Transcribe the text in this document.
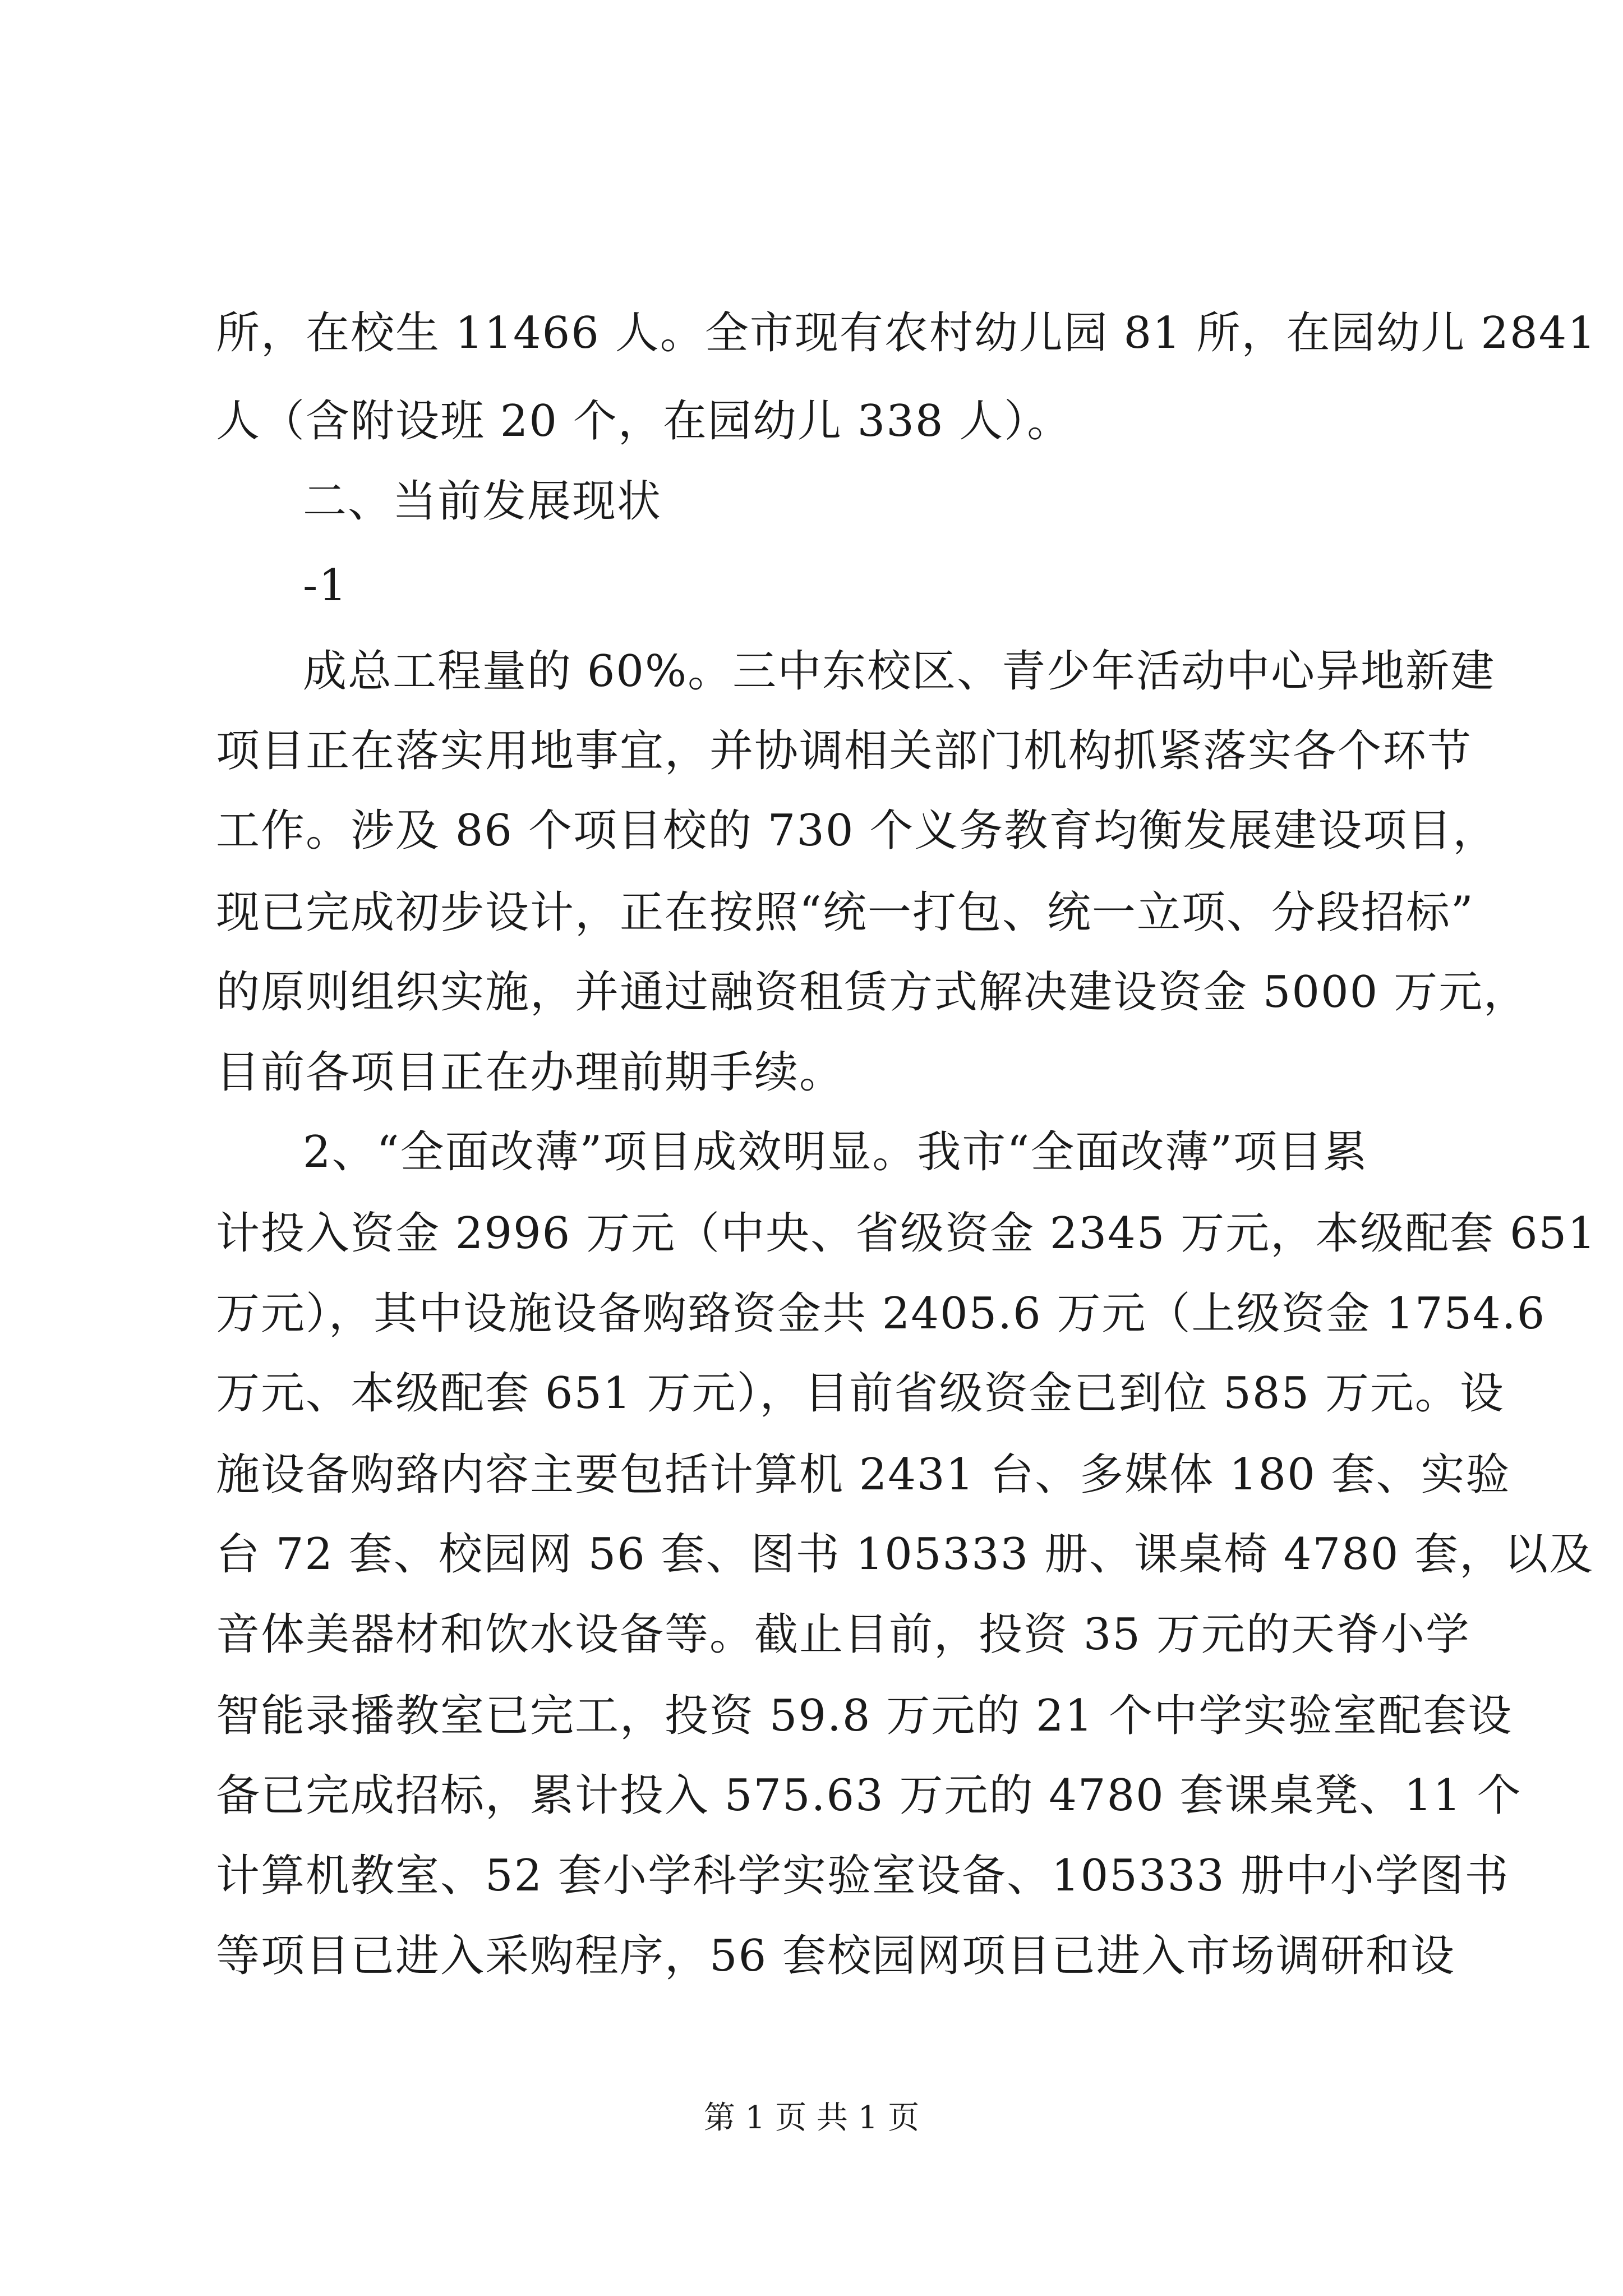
所，在校生 11466 人。全市现有农村幼儿园 81 所，在园幼儿 2841
人（含附设班 20 个，在园幼儿 338 人）。
二、当前发展现状
-1
成总工程量的 60%。三中东校区、青少年活动中心异地新建
项目正在落实用地事宜，并协调相关部门机构抓紧落实各个环节
工作。涉及 86 个项目校的 730 个义务教育均衡发展建设项目，
现已完成初步设计，正在按照“统一打包、统一立项、分段招标”
的原则组织实施，并通过融资租赁方式解决建设资金 5000 万元，
目前各项目正在办理前期手续。
2、“全面改薄”项目成效明显。我市“全面改薄”项目累
计投入资金 2996 万元（中央、省级资金 2345 万元，本级配套 651
万元），其中设施设备购臵资金共 2405.6 万元（上级资金 1754.6
万元、本级配套 651 万元），目前省级资金已到位 585 万元。设
施设备购臵内容主要包括计算机 2431 台、多媒体 180 套、实验
台 72 套、校园网 56 套、图书 105333 册、课桌椅 4780 套，以及
音体美器材和饮水设备等。截止目前，投资 35 万元的天脊小学
智能录播教室已完工，投资 59.8 万元的 21 个中学实验室配套设
备已完成招标，累计投入 575.63 万元的 4780 套课桌凳、11 个
计算机教室、52 套小学科学实验室设备、105333 册中小学图书
等项目已进入采购程序，56 套校园网项目已进入市场调研和设
第 1 页 共 1 页
